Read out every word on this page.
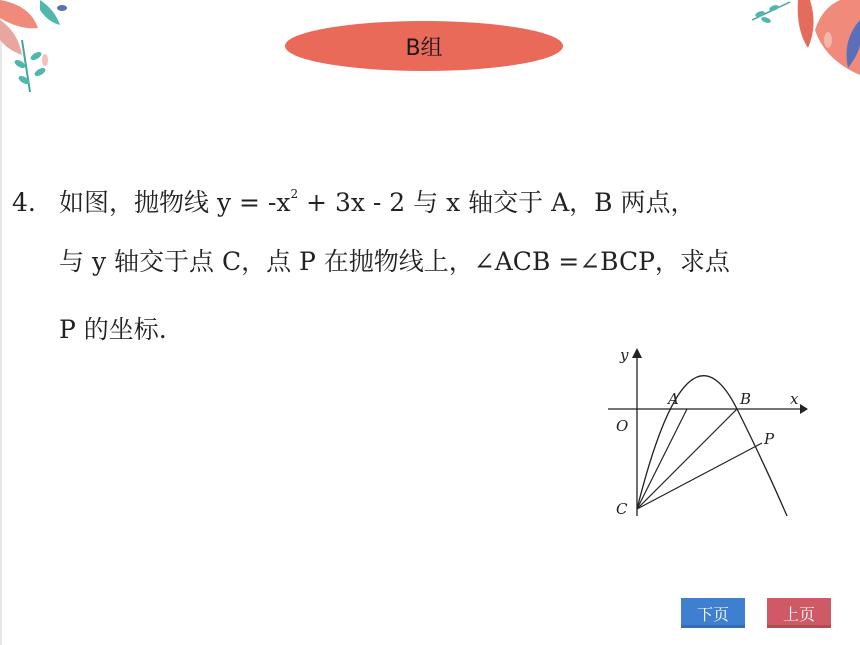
B组
4. 如图，抛物线 $y = -x^2 + 3x - 2$ 与 x 轴交于 A，B 两点，
与 y 轴交于点 C，点 P 在抛物线上，∠ACB =∠BCP，求点
P 的坐标.
y
x
O
A	B
C
P
下页	上页
